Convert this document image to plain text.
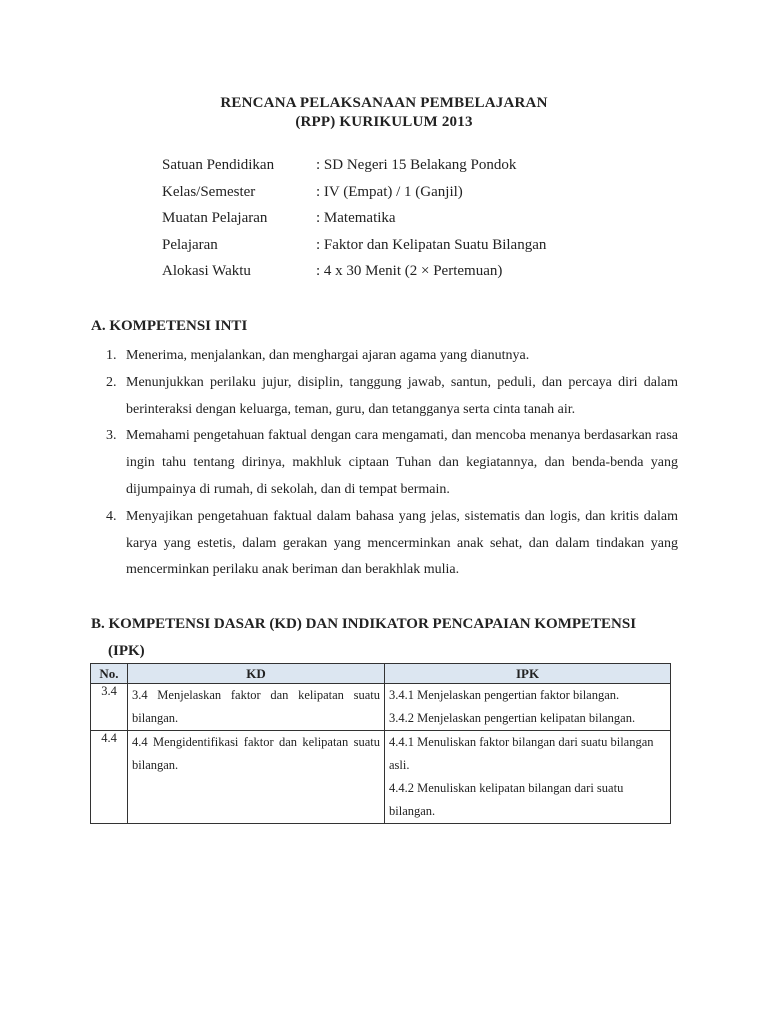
RENCANA PELAKSANAAN PEMBELAJARAN
(RPP) KURIKULUM 2013
Satuan Pendidikan	: SD Negeri 15 Belakang Pondok
Kelas/Semester	: IV (Empat) / 1 (Ganjil)
Muatan Pelajaran	: Matematika
Pelajaran	: Faktor dan Kelipatan Suatu Bilangan
Alokasi Waktu	: 4 x 30 Menit (2 × Pertemuan)
A. KOMPETENSI INTI
1. Menerima, menjalankan, dan menghargai ajaran agama yang dianutnya.
2. Menunjukkan perilaku jujur, disiplin, tanggung jawab, santun, peduli, dan percaya diri dalam berinteraksi dengan keluarga, teman, guru, dan tetangganya serta cinta tanah air.
3. Memahami pengetahuan faktual dengan cara mengamati, dan mencoba menanya berdasarkan rasa ingin tahu tentang dirinya, makhluk ciptaan Tuhan dan kegiatannya, dan benda-benda yang dijumpainya di rumah, di sekolah, dan di tempat bermain.
4. Menyajikan pengetahuan faktual dalam bahasa yang jelas, sistematis dan logis, dan kritis dalam karya yang estetis, dalam gerakan yang mencerminkan anak sehat, dan dalam tindakan yang mencerminkan perilaku anak beriman dan berakhlak mulia.
B. KOMPETENSI DASAR (KD) DAN INDIKATOR PENCAPAIAN KOMPETENSI
(IPK)
No.	KD	IPK
3.4	3.4 Menjelaskan faktor dan kelipatan suatu bilangan.	3.4.1 Menjelaskan pengertian faktor bilangan.
3.4.2 Menjelaskan pengertian kelipatan bilangan.

4.4	4.4 Mengidentifikasi faktor dan kelipatan suatu bilangan.	4.4.1 Menuliskan faktor bilangan dari suatu bilangan asli.
4.4.2 Menuliskan kelipatan bilangan dari suatu bilangan.
